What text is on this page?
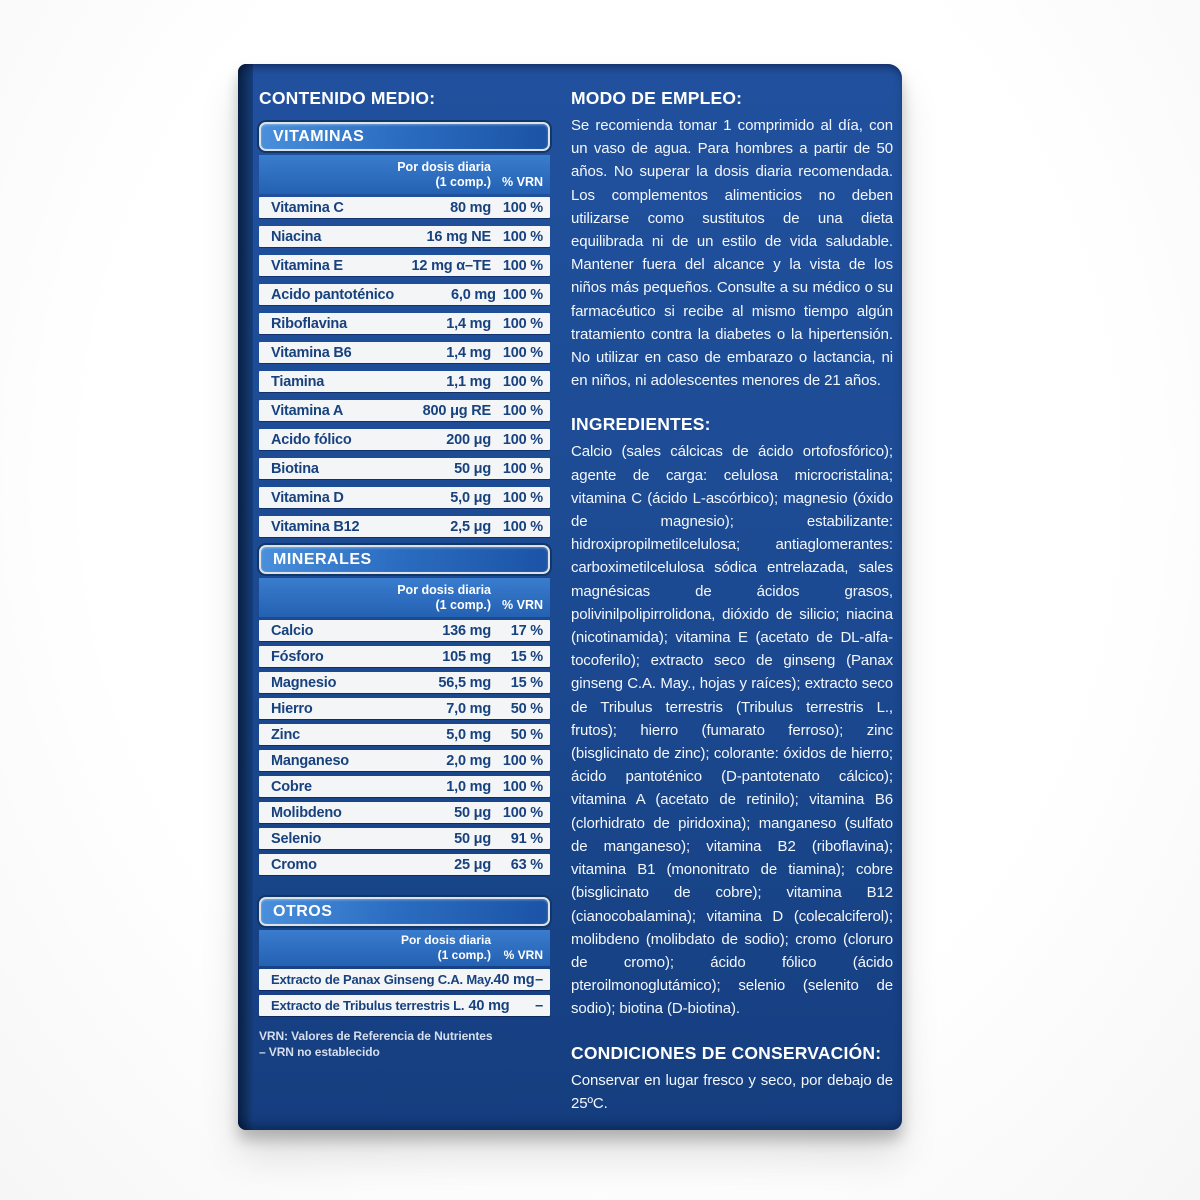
CONTENIDO MEDIO:
VITAMINAS
Por dosis diaria
(1 comp.) % VRN
Vitamina C	80 mg 100 %
Niacina	16 mg NE 100 %
Vitamina E	12 mg α–TE 100 %
Acido pantoténico	6,0 mg 100 %
Riboflavina	1,4 mg 100 %
Vitamina B6	1,4 mg 100 %
Tiamina	1,1 mg 100 %
Vitamina A	800 μg RE 100 %
Acido fólico	200 μg 100 %
Biotina	50 μg 100 %
Vitamina D	5,0 μg 100 %
Vitamina B12	2,5 μg 100 %
MINERALES
Por dosis diaria
(1 comp.) % VRN
Calcio	136 mg	17 %
Fósforo	105 mg	15 %
Magnesio	56,5 mg	15 %
Hierro	7,0 mg	50 %
Zinc	5,0 mg	50 %
Manganeso	2,0 mg 100 %
Cobre	1,0 mg 100 %
Molibdeno	50 μg 100 %
Selenio	50 μg	91 %
Cromo	25 μg	63 %
OTROS
Por dosis diaria
(1 comp.)	% VRN
Extracto de Panax Ginseng C.A. May. 40 mg –
Extracto de Tribulus terrestris L. 40 mg	–
VRN: Valores de Referencia de Nutrientes
– VRN no establecido
MODO DE EMPLEO:

Se recomienda tomar 1 comprimido al día, con un vaso de agua. Para hombres a partir de 50 años. No superar la dosis diaria recomendada. Los complementos alimenticios no deben utilizarse como sustitutos de una dieta equilibrada ni de un estilo de vida saludable. Mantener fuera del alcance y la vista de los niños más pequeños. Consulte a su médico o su farmacéutico si recibe al mismo tiempo algún tratamiento contra la diabetes o la hipertensión. No utilizar en caso de embarazo o lactancia, ni en niños, ni adolescentes menores de 21 años.

INGREDIENTES:

Calcio (sales cálcicas de ácido ortofosfórico); agente de carga: celulosa microcristalina; vitamina C (ácido L-ascórbico); magnesio (óxido de magnesio); estabilizante: hidroxipropilmetilcelulosa; antiaglomerantes: carboximetilcelulosa sódica entrelazada, sales magnésicas de ácidos grasos, polivinilpolipirrolidona, dióxido de silicio; niacina (nicotinamida); vitamina E (acetato de DL-alfa-tocoferilo); extracto seco de ginseng (Panax ginseng C.A. May., hojas y raíces); extracto seco de Tribulus terrestris (Tribulus terrestris L., frutos); hierro (fumarato ferroso); zinc (bisglicinato de zinc); colorante: óxidos de hierro; ácido pantoténico (D-pantotenato cálcico); vitamina A (acetato de retinilo); vitamina B6 (clorhidrato de piridoxina); manganeso (sulfato de manganeso); vitamina B2 (riboflavina); vitamina B1 (mononitrato de tiamina); cobre (bisglicinato de cobre); vitamina B12 (cianocobalamina); vitamina D (colecalciferol); molibdeno (molibdato de sodio); cromo (cloruro de cromo); ácido fólico (ácido pteroilmonoglutámico); selenio (selenito de sodio); biotina (D-biotina).

CONDICIONES DE CONSERVACIÓN:

Conservar en lugar fresco y seco, por debajo de 25ºC.
